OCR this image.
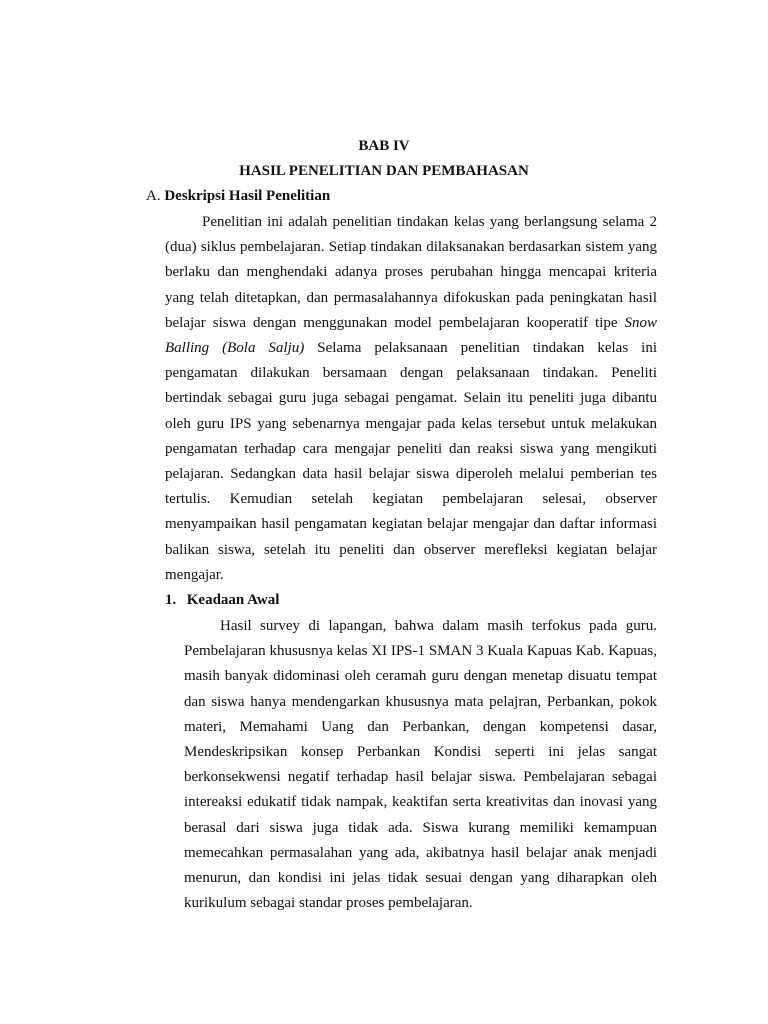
BAB IV
HASIL PENELITIAN DAN PEMBAHASAN
A. Deskripsi Hasil Penelitian

Penelitian ini adalah penelitian tindakan kelas yang berlangsung selama 2 (dua) siklus pembelajaran. Setiap tindakan dilaksanakan berdasarkan sistem yang berlaku dan menghendaki adanya proses perubahan hingga mencapai kriteria yang telah ditetapkan, dan permasalahannya difokuskan pada peningkatan hasil belajar siswa dengan menggunakan model pembelajaran kooperatif tipe Snow Balling (Bola Salju) Selama pelaksanaan penelitian tindakan kelas ini pengamatan dilakukan bersamaan dengan pelaksanaan tindakan. Peneliti bertindak sebagai guru juga sebagai pengamat. Selain itu peneliti juga dibantu oleh guru IPS yang sebenarnya mengajar pada kelas tersebut untuk melakukan pengamatan terhadap cara mengajar peneliti dan reaksi siswa yang mengikuti pelajaran. Sedangkan data hasil belajar siswa diperoleh melalui pemberian tes tertulis. Kemudian setelah kegiatan pembelajaran selesai, observer menyampaikan hasil pengamatan kegiatan belajar mengajar dan daftar informasi balikan siswa, setelah itu peneliti dan observer merefleksi kegiatan belajar mengajar.

1. Keadaan Awal

Hasil survey di lapangan, bahwa dalam masih terfokus pada guru. Pembelajaran khususnya kelas XI IPS-1 SMAN 3 Kuala Kapuas Kab. Kapuas, masih banyak didominasi oleh ceramah guru dengan menetap disuatu tempat dan siswa hanya mendengarkan khususnya mata pelajran, Perbankan, pokok materi, Memahami Uang dan Perbankan, dengan kompetensi dasar, Mendeskripsikan konsep Perbankan Kondisi seperti ini jelas sangat berkonsekwensi negatif terhadap hasil belajar siswa. Pembelajaran sebagai intereaksi edukatif tidak nampak, keaktifan serta kreativitas dan inovasi yang berasal dari siswa juga tidak ada. Siswa kurang memiliki kemampuan memecahkan permasalahan yang ada, akibatnya hasil belajar anak menjadi menurun, dan kondisi ini jelas tidak sesuai dengan yang diharapkan oleh kurikulum sebagai standar proses pembelajaran.
